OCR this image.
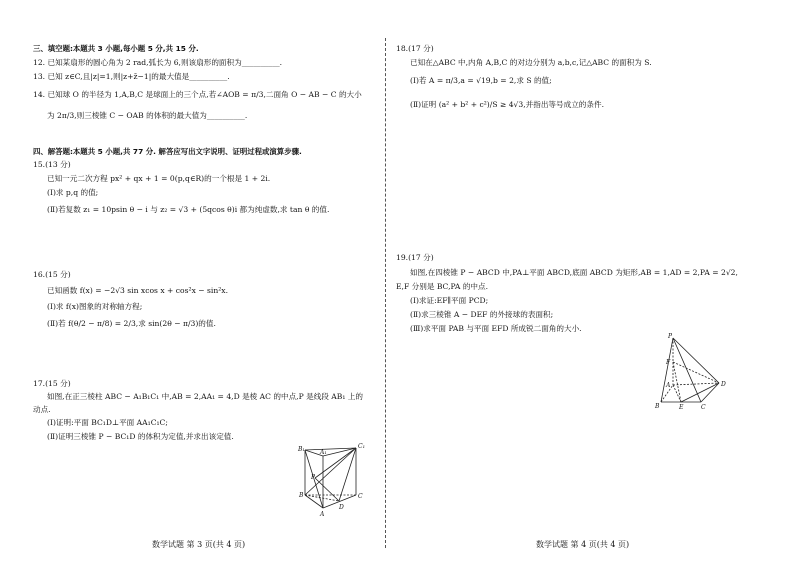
三、填空题:本题共 3 小题,每小题 5 分,共 15 分.
12. 已知某扇形的圆心角为 2 rad,弧长为 6,则该扇形的面积为__________.
13. 已知 z∈C,且|z|=1,则|z+z̄−1|的最大值是__________.
14. 已知球 O 的半径为 1,A,B,C 是球面上的三个点,若∠AOB = π/3,二面角 O − AB − C 的大小
为 2π/3,则三棱锥 C − OAB 的体积的最大值为__________.
四、解答题:本题共 5 小题,共 77 分. 解答应写出文字说明、证明过程或演算步骤.
15.(13 分)
已知一元二次方程 px² + qx + 1 = 0(p,q∈R)的一个根是 1 + 2i.
(Ⅰ)求 p,q 的值;
(Ⅱ)若复数 z₁ = 10psin θ − i 与 z₂ = √3 + (5qcos θ)i 都为纯虚数,求 tan θ 的值.
16.(15 分)
已知函数 f(x) = −2√3 sin xcos x + cos²x − sin²x.
(Ⅰ)求 f(x)图象的对称轴方程;
(Ⅱ)若 f(θ/2 − π/8) = 2/3,求 sin(2θ − π/3)的值.
17.(15 分)
如图,在正三棱柱 ABC − A₁B₁C₁ 中,AB = 2,AA₁ = 4,D 是棱 AC 的中点,P 是线段 AB₁ 上的
动点.
(Ⅰ)证明:平面 BC₁D⊥平面 AA₁C₁C;
(Ⅱ)证明三棱锥 P − BC₁D 的体积为定值,并求出该定值.
B₁	A₁
C₁
P
B
D
A
C
数学试题 第 3 页(共 4 页)
18.(17 分)
已知在△ABC 中,内角 A,B,C 的对边分别为 a,b,c,记△ABC 的面积为 S.
(Ⅰ)若 A = π/3,a = √19,b = 2,求 S 的值;
(Ⅱ)证明 (a² + b² + c²)/S ≥ 4√3,并指出等号成立的条件.
19.(17 分)
如图,在四棱锥 P − ABCD 中,PA⊥平面 ABCD,底面 ABCD 为矩形,AB = 1,AD = 2,PA = 2√2,
E,F 分别是 BC,PA 的中点.
(Ⅰ)求证:EF∥平面 PCD;
(Ⅱ)求三棱锥 A − DEF 的外接球的表面积;
(Ⅲ)求平面 PAB 与平面 EFD 所成锐二面角的大小.
P
F
A	D
B	E	C
数学试题 第 4 页(共 4 页)
